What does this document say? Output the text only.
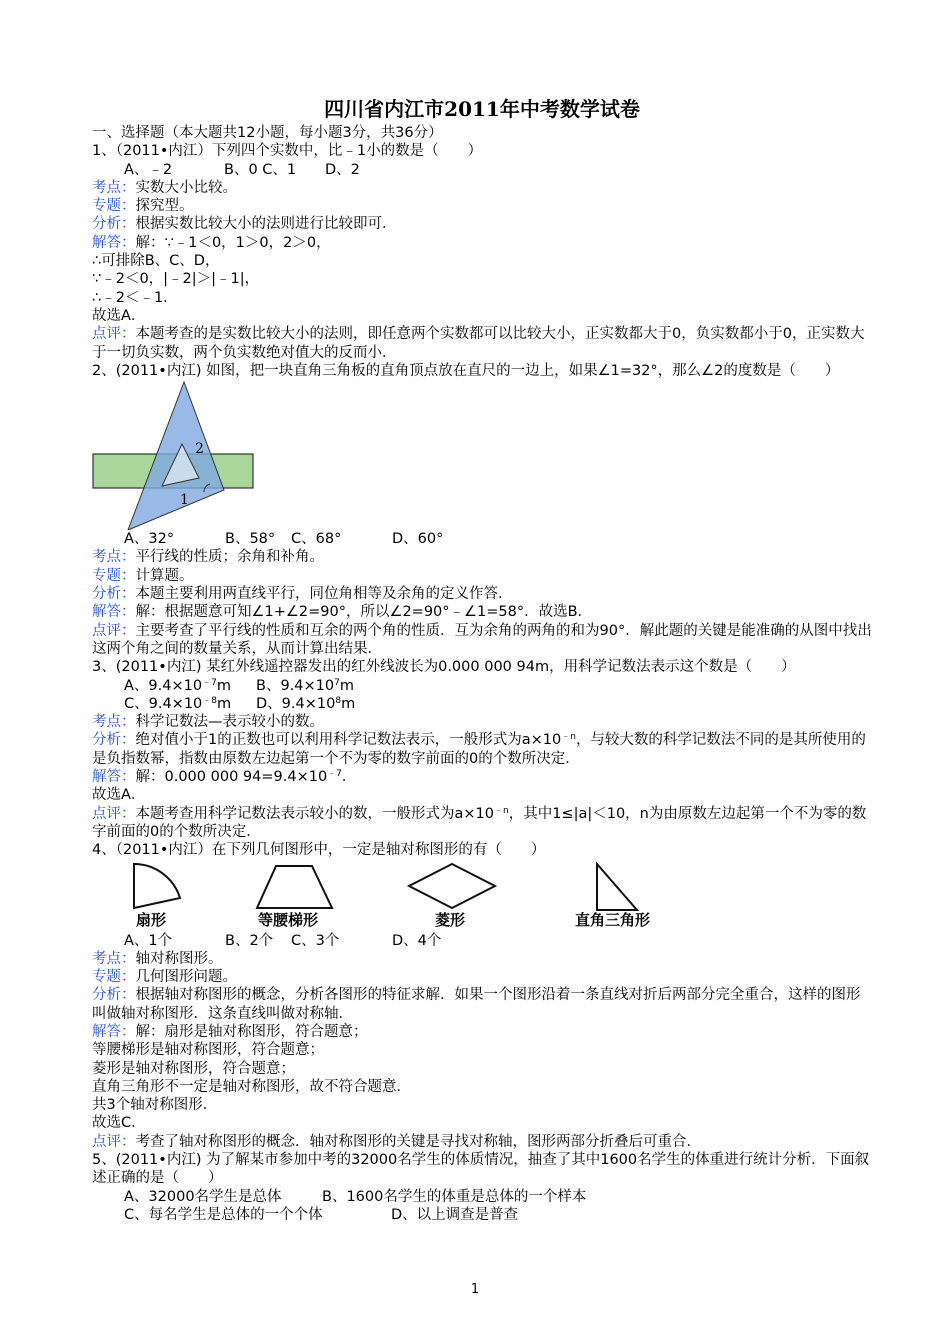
四川省内江市2011年中考数学试卷
一、选择题（本大题共12小题，每小题3分，共36分）
1、（2011•内江）下列四个实数中，比﹣1小的数是（　　）
A、﹣2	B、0 C、1 D、2
考点：实数大小比较。
专题：探究型。
分析：根据实数比较大小的法则进行比较即可．
解答：解：∵﹣1＜0，1＞0，2＞0，
∴可排除B、C、D，
∵﹣2＜0，|﹣2|＞|﹣1|，
∴﹣2＜﹣1．
故选A．
点评：本题考查的是实数比较大小的法则，即任意两个实数都可以比较大小，正实数都大于0，负实数都小于0，正实数大于一切负实数，两个负实数绝对值大的反而小．
2、(2011•内江) 如图，把一块直角三角板的直角顶点放在直尺的一边上，如果∠1=32°，那么∠2的度数是（　　）
2
1
A、32°	B、58° C、68°	D、60°
考点：平行线的性质；余角和补角。
专题：计算题。
分析：本题主要利用两直线平行，同位角相等及余角的定义作答．
解答：解：根据题意可知∠1+∠2=90°，所以∠2=90°﹣∠1=58°．故选B．
点评：主要考查了平行线的性质和互余的两个角的性质．互为余角的两角的和为90°．解此题的关键是能准确的从图中找出这两个角之间的数量关系，从而计算出结果．
3、(2011•内江) 某红外线遥控器发出的红外线波长为0.000 000 94m，用科学记数法表示这个数是（　　）
A、$9.4\times 10^{﹣7}m$ B、$9.4\times 10^7m$
C、$9.4\times 10^{﹣8}m$ D、$9.4\times 10^8m$
考点：科学记数法—表示较小的数。
分析：绝对值小于1的正数也可以利用科学记数法表示，一般形式为$a\times 10^{﹣n}$，与较大数的科学记数法不同的是其所使用的是负指数幂，指数由原数左边起第一个不为零的数字前面的0的个数所决定．
解答：解：0.000 000 $94=9.4\times 10^{﹣7}$．
故选A．
点评：本题考查用科学记数法表示较小的数，一般形式为$a\times 10^{﹣n}$，其中1≤|a|＜10，n为由原数左边起第一个不为零的数字前面的0的个数所决定．
4、（2011•内江）在下列几何图形中，一定是轴对称图形的有（　　）
扇形	等腰梯形	菱形	直角三角形
A、1个	B、2个 C、3个	D、4个
考点：轴对称图形。
专题：几何图形问题。
分析：根据轴对称图形的概念，分析各图形的特征求解．如果一个图形沿着一条直线对折后两部分完全重合，这样的图形叫做轴对称图形．这条直线叫做对称轴．
解答：解：扇形是轴对称图形，符合题意；
等腰梯形是轴对称图形，符合题意；
菱形是轴对称图形，符合题意；
直角三角形不一定是轴对称图形，故不符合题意．
共3个轴对称图形．
故选C．
点评：考查了轴对称图形的概念．轴对称图形的关键是寻找对称轴，图形两部分折叠后可重合．
5、(2011•内江) 为了解某市参加中考的32000名学生的体质情况，抽查了其中1600名学生的体重进行统计分析．下面叙述正确的是（　　）
A、32000名学生是总体	B、1600名学生的体重是总体的一个样本
C、每名学生是总体的一个个体	D、以上调查是普查
1
